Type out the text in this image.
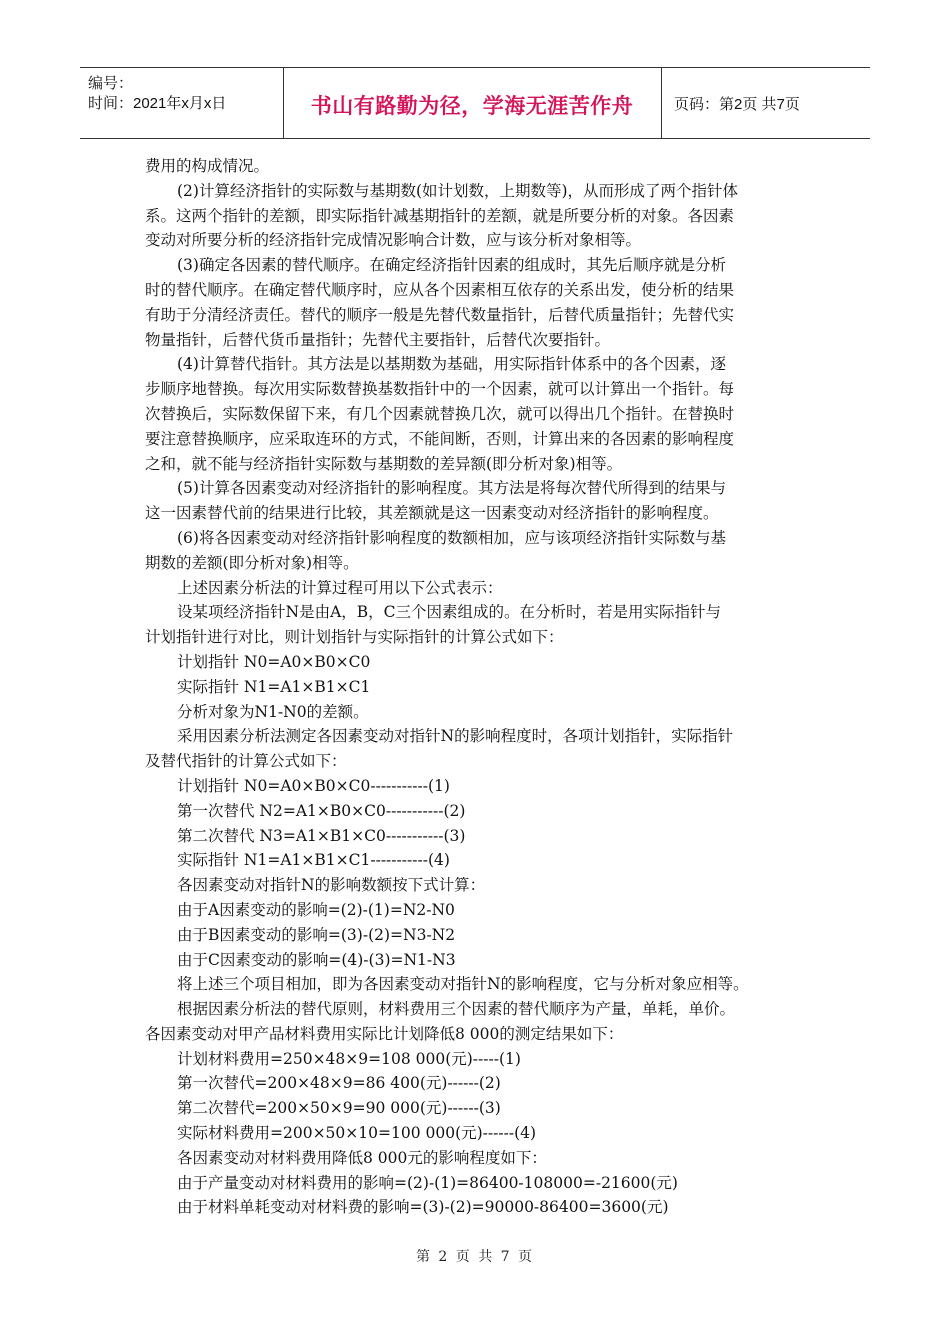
编号：
时间：2021年x月x日	书山有路勤为径，学海无涯苦作舟	页码：第2页 共7页
费用的构成情况。
(2)计算经济指针的实际数与基期数(如计划数，上期数等)，从而形成了两个指针体
系。这两个指针的差额，即实际指针减基期指针的差额，就是所要分析的对象。各因素
变动对所要分析的经济指针完成情况影响合计数，应与该分析对象相等。
(3)确定各因素的替代顺序。在确定经济指针因素的组成时，其先后顺序就是分析
时的替代顺序。在确定替代顺序时，应从各个因素相互依存的关系出发，使分析的结果
有助于分清经济责任。替代的顺序一般是先替代数量指针，后替代质量指针；先替代实
物量指针，后替代货币量指针；先替代主要指针，后替代次要指针。
(4)计算替代指针。其方法是以基期数为基础，用实际指针体系中的各个因素，逐
步顺序地替换。每次用实际数替换基数指针中的一个因素，就可以计算出一个指针。每
次替换后，实际数保留下来，有几个因素就替换几次，就可以得出几个指针。在替换时
要注意替换顺序，应采取连环的方式，不能间断，否则，计算出来的各因素的影响程度
之和，就不能与经济指针实际数与基期数的差异额(即分析对象)相等。
(5)计算各因素变动对经济指针的影响程度。其方法是将每次替代所得到的结果与
这一因素替代前的结果进行比较，其差额就是这一因素变动对经济指针的影响程度。
(6)将各因素变动对经济指针影响程度的数额相加，应与该项经济指针实际数与基
期数的差额(即分析对象)相等。
上述因素分析法的计算过程可用以下公式表示：
设某项经济指针N是由A，B，C三个因素组成的。在分析时，若是用实际指针与
计划指针进行对比，则计划指针与实际指针的计算公式如下：
计划指针 N0=A0×B0×C0
实际指针 N1=A1×B1×C1
分析对象为N1-N0的差额。
采用因素分析法测定各因素变动对指针N的影响程度时，各项计划指针，实际指针
及替代指针的计算公式如下：
计划指针 N0=A0×B0×C0-----------(1)
第一次替代 N2=A1×B0×C0-----------(2)
第二次替代 N3=A1×B1×C0-----------(3)
实际指针 N1=A1×B1×C1-----------(4)
各因素变动对指针N的影响数额按下式计算：
由于A因素变动的影响=(2)-(1)=N2-N0
由于B因素变动的影响=(3)-(2)=N3-N2
由于C因素变动的影响=(4)-(3)=N1-N3
将上述三个项目相加，即为各因素变动对指针N的影响程度，它与分析对象应相等。
根据因素分析法的替代原则，材料费用三个因素的替代顺序为产量，单耗，单价。
各因素变动对甲产品材料费用实际比计划降低8 000的测定结果如下：
计划材料费用=250×48×9=108 000(元)-----(1)
第一次替代=200×48×9=86 400(元)------(2)
第二次替代=200×50×9=90 000(元)------(3)
实际材料费用=200×50×10=100 000(元)------(4)
各因素变动对材料费用降低8 000元的影响程度如下：
由于产量变动对材料费用的影响=(2)-(1)=86400-108000=-21600(元)
由于材料单耗变动对材料费的影响=(3)-(2)=90000-86400=3600(元)
第 2 页 共 7 页
